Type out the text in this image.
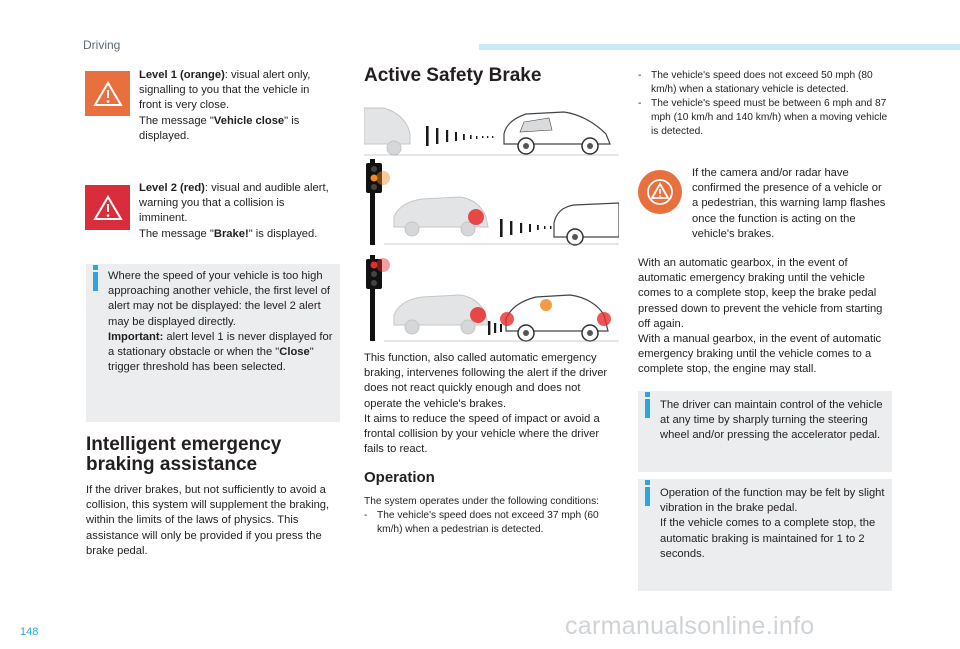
Driving
Level 1 (orange): visual alert only, signalling to you that the vehicle in front is very close.
The message "Vehicle close" is displayed.
Level 2 (red): visual and audible alert, warning you that a collision is imminent.
The message "Brake!" is displayed.
Where the speed of your vehicle is too high approaching another vehicle, the first level of alert may not be displayed: the level 2 alert may be displayed directly.
Important: alert level 1 is never displayed for a stationary obstacle or when the "Close" trigger threshold has been selected.
Intelligent emergency
braking assistance
If the driver brakes, but not sufficiently to avoid a collision, this system will supplement the braking, within the limits of the laws of physics. This assistance will only be provided if you press the brake pedal.
Active Safety Brake
This function, also called automatic emergency braking, intervenes following the alert if the driver does not react quickly enough and does not operate the vehicle's brakes.
It aims to reduce the speed of impact or avoid a frontal collision by your vehicle where the driver fails to react.
Operation
The system operates under the following conditions:
- The vehicle's speed does not exceed 37 mph (60 km/h) when a pedestrian is detected.
- The vehicle's speed does not exceed 50 mph (80 km/h) when a stationary vehicle is detected.
- The vehicle's speed must be between 6 mph and 87 mph (10 km/h and 140 km/h) when a moving vehicle is detected.
If the camera and/or radar have confirmed the presence of a vehicle or a pedestrian, this warning lamp flashes once the function is acting on the vehicle's brakes.
With an automatic gearbox, in the event of automatic emergency braking until the vehicle comes to a complete stop, keep the brake pedal pressed down to prevent the vehicle from starting off again.
With a manual gearbox, in the event of automatic emergency braking until the vehicle comes to a complete stop, the engine may stall.
The driver can maintain control of the vehicle at any time by sharply turning the steering wheel and/or pressing the accelerator pedal.
Operation of the function may be felt by slight vibration in the brake pedal.
If the vehicle comes to a complete stop, the automatic braking is maintained for 1 to 2 seconds.
148	carmanualsonline.info
